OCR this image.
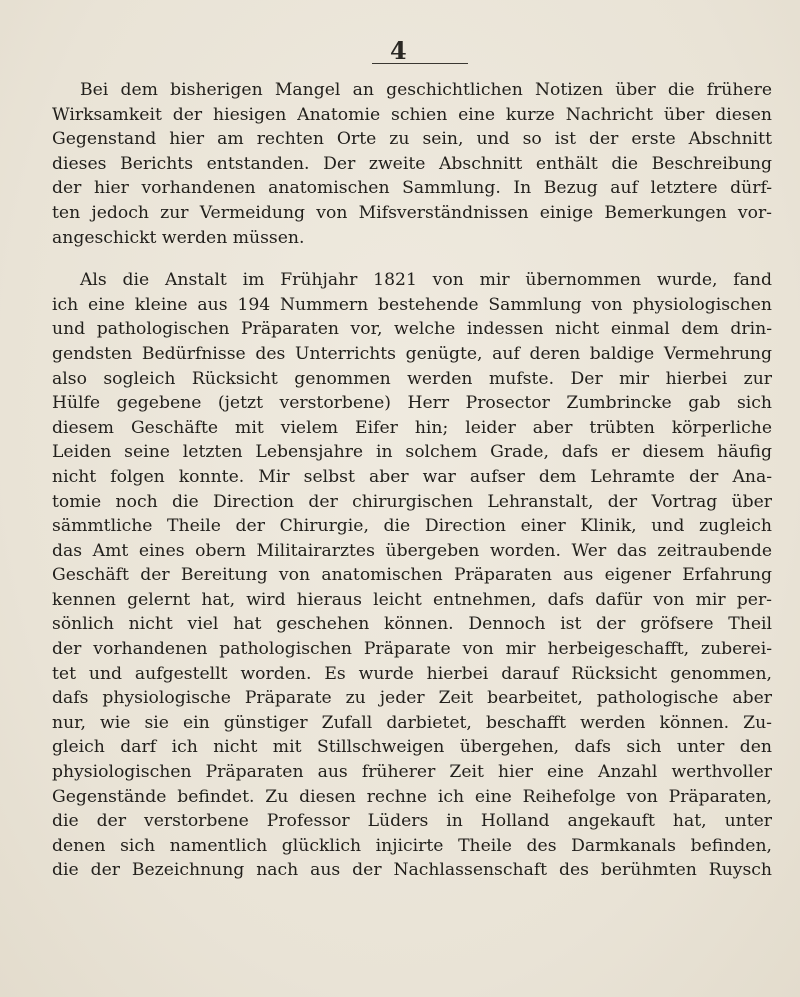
4
Bei dem bisherigen Mangel an geschichtlichen Notizen über die frühere
Wirksamkeit der hiesigen Anatomie schien eine kurze Nachricht über diesen
Gegenstand hier am rechten Orte zu sein, und so ist der erste Abschnitt
dieses Berichts entstanden. Der zweite Abschnitt enthält die Beschreibung
der hier vorhandenen anatomischen Sammlung. In Bezug auf letztere dürf-
ten jedoch zur Vermeidung von Mifsverständnissen einige Bemerkungen vor-
angeschickt werden müssen.
Als die Anstalt im Frühjahr 1821 von mir übernommen wurde, fand
ich eine kleine aus 194 Nummern bestehende Sammlung von physiologischen
und pathologischen Präparaten vor, welche indessen nicht einmal dem drin-
gendsten Bedürfnisse des Unterrichts genügte, auf deren baldige Vermehrung
also sogleich Rücksicht genommen werden mufste. Der mir hierbei zur
Hülfe gegebene (jetzt verstorbene) Herr Prosector Zumbrincke gab sich
diesem Geschäfte mit vielem Eifer hin; leider aber trübten körperliche
Leiden seine letzten Lebensjahre in solchem Grade, dafs er diesem häufig
nicht folgen konnte. Mir selbst aber war aufser dem Lehramte der Ana-
tomie noch die Direction der chirurgischen Lehranstalt, der Vortrag über
sämmtliche Theile der Chirurgie, die Direction einer Klinik, und zugleich
das Amt eines obern Militairarztes übergeben worden. Wer das zeitraubende
Geschäft der Bereitung von anatomischen Präparaten aus eigener Erfahrung
kennen gelernt hat, wird hieraus leicht entnehmen, dafs dafür von mir per-
sönlich nicht viel hat geschehen können. Dennoch ist der gröfsere Theil
der vorhandenen pathologischen Präparate von mir herbeigeschafft, zuberei-
tet und aufgestellt worden. Es wurde hierbei darauf Rücksicht genommen,
dafs physiologische Präparate zu jeder Zeit bearbeitet, pathologische aber
nur, wie sie ein günstiger Zufall darbietet, beschafft werden können. Zu-
gleich darf ich nicht mit Stillschweigen übergehen, dafs sich unter den
physiologischen Präparaten aus früherer Zeit hier eine Anzahl werthvoller
Gegenstände befindet. Zu diesen rechne ich eine Reihefolge von Präparaten,
die der verstorbene Professor Lüders in Holland angekauft hat, unter
denen sich namentlich glücklich injicirte Theile des Darmkanals befinden,
die der Bezeichnung nach aus der Nachlassenschaft des berühmten Ruysch
